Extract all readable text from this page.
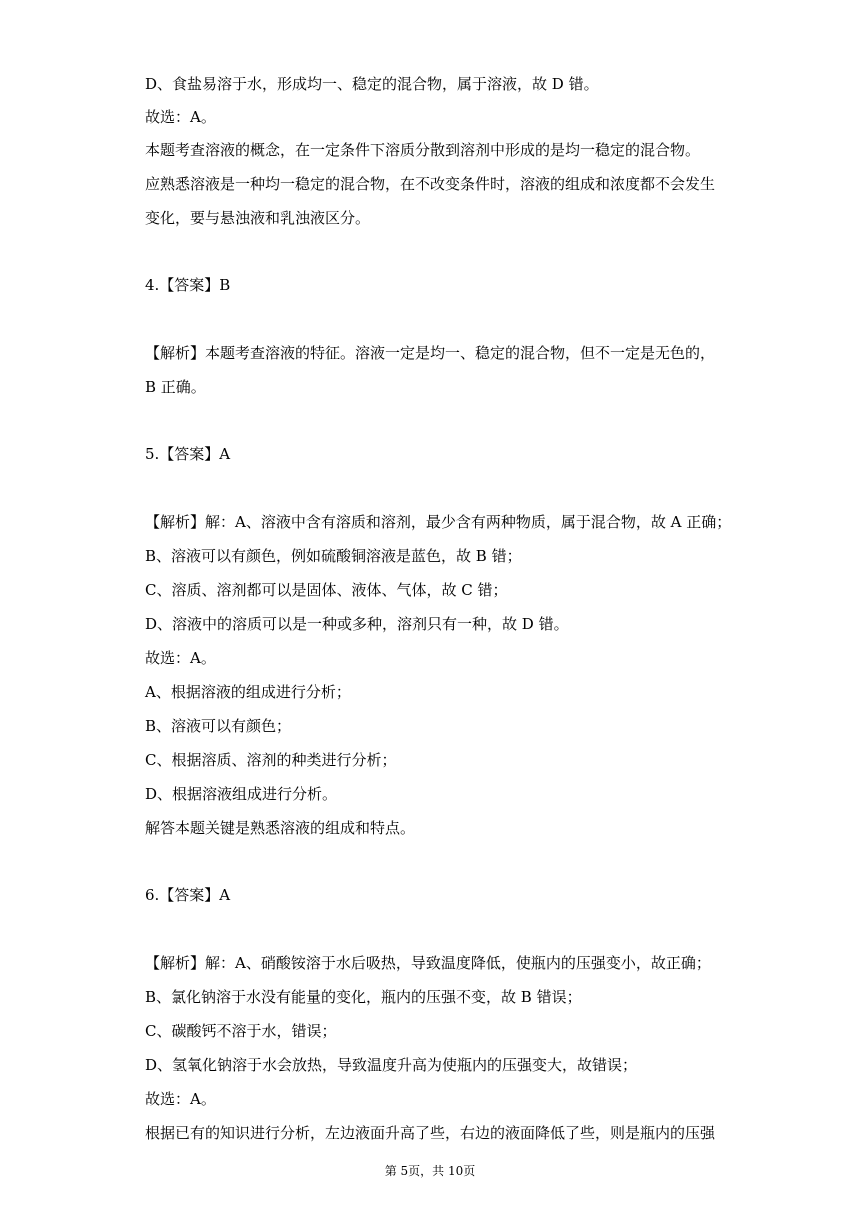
D、食盐易溶于水，形成均一、稳定的混合物，属于溶液，故 D 错。
故选：A。
本题考查溶液的概念，在一定条件下溶质分散到溶剂中形成的是均一稳定的混合物。
应熟悉溶液是一种均一稳定的混合物，在不改变条件时，溶液的组成和浓度都不会发生
变化，要与悬浊液和乳浊液区分。
4.【答案】B
【解析】本题考查溶液的特征。溶液一定是均一、稳定的混合物，但不一定是无色的，
B 正确。
5.【答案】A
【解析】解：A、溶液中含有溶质和溶剂，最少含有两种物质，属于混合物，故 A 正确；
B、溶液可以有颜色，例如硫酸铜溶液是蓝色，故 B 错；
C、溶质、溶剂都可以是固体、液体、气体，故 C 错；
D、溶液中的溶质可以是一种或多种，溶剂只有一种，故 D 错。
故选：A。
A、根据溶液的组成进行分析；
B、溶液可以有颜色；
C、根据溶质、溶剂的种类进行分析；
D、根据溶液组成进行分析。
解答本题关键是熟悉溶液的组成和特点。
6.【答案】A
【解析】解：A、硝酸铵溶于水后吸热，导致温度降低，使瓶内的压强变小，故正确；
B、氯化钠溶于水没有能量的变化，瓶内的压强不变，故 B 错误；
C、碳酸钙不溶于水，错误；
D、氢氧化钠溶于水会放热，导致温度升高为使瓶内的压强变大，故错误；
故选：A。
根据已有的知识进行分析，左边液面升高了些，右边的液面降低了些，则是瓶内的压强
第 5页，共 10页
